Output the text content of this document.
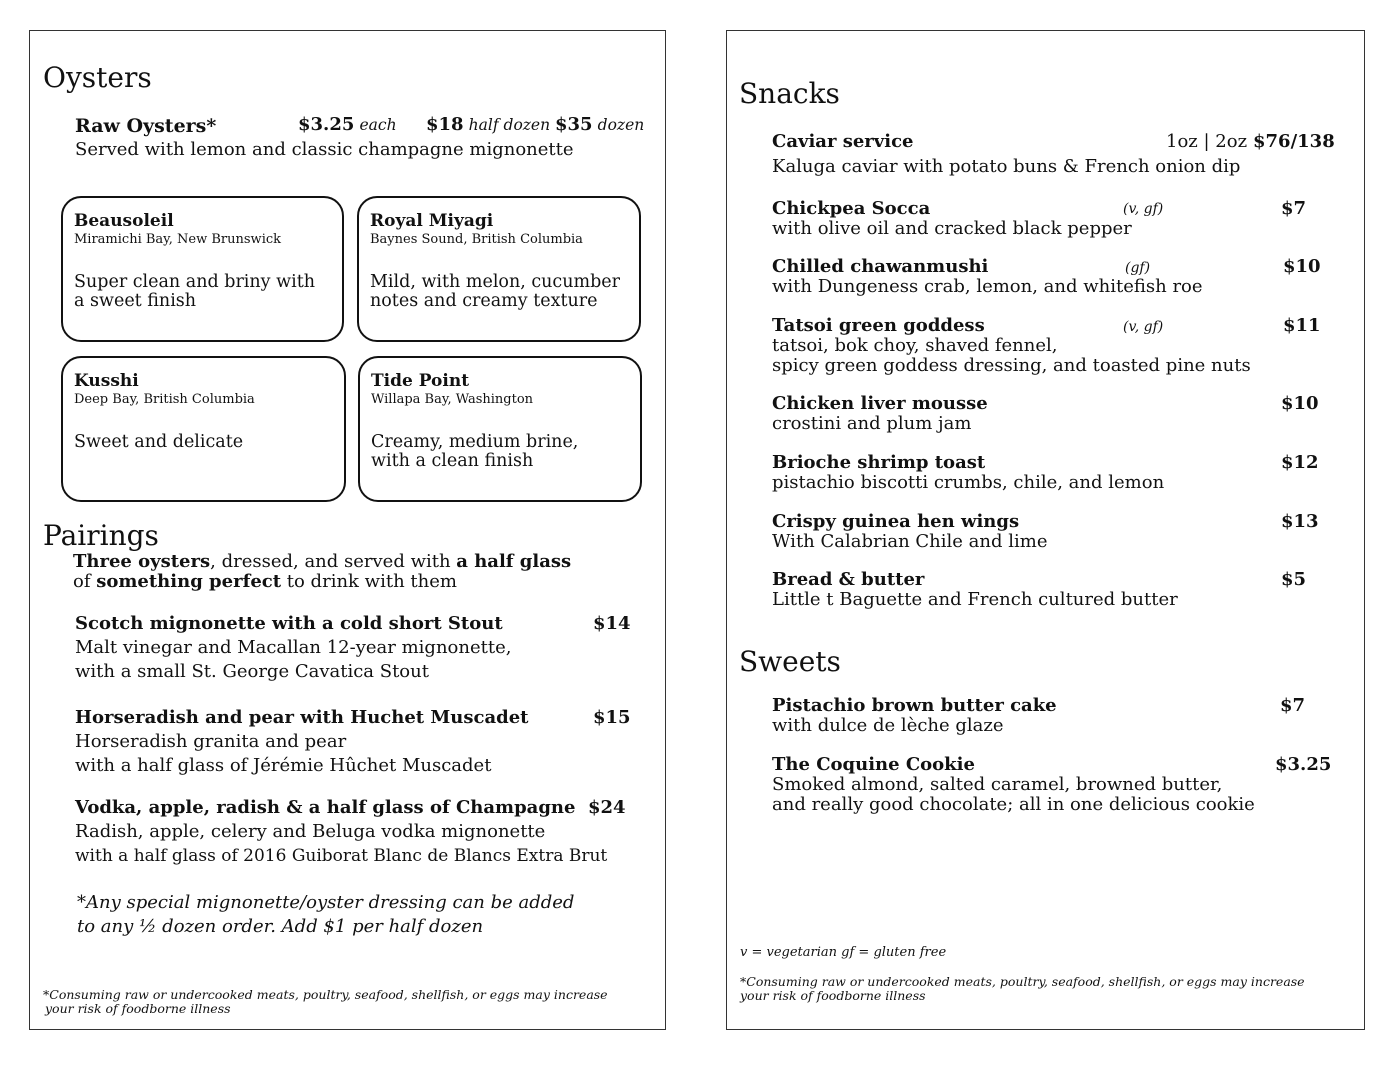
Oysters
Raw Oysters*	$3.25 each $18 half dozen $35 dozen
Served with lemon and classic champagne mignonette
Beausoleil
Miramichi Bay, New Brunswick
Super clean and briny with
a sweet finish
Royal Miyagi
Baynes Sound, British Columbia
Mild, with melon, cucumber
notes and creamy texture
Kusshi
Deep Bay, British Columbia
Sweet and delicate
Tide Point
Willapa Bay, Washington
Creamy, medium brine,
with a clean finish
Pairings
Three oysters, dressed, and served with a half glass
of something perfect to drink with them
Scotch mignonette with a cold short Stout	$14
Malt vinegar and Macallan 12-year mignonette,
with a small St. George Cavatica Stout
Horseradish and pear with Huchet Muscadet	$15
Horseradish granita and pear
with a half glass of Jérémie Hûchet Muscadet
Vodka, apple, radish & a half glass of Champagne $24
Radish, apple, celery and Beluga vodka mignonette
with a half glass of 2016 Guiborat Blanc de Blancs Extra Brut
*Any special mignonette/oyster dressing can be added
to any ½ dozen order. Add $1 per half dozen
*Consuming raw or undercooked meats, poultry, seafood, shellfish, or eggs may increase
your risk of foodborne illness
Snacks
Caviar service	1oz | 2oz $76/138
Kaluga caviar with potato buns & French onion dip
Chickpea Socca	(v, gf)	$7
with olive oil and cracked black pepper
Chilled chawanmushi	(gf)	$10
with Dungeness crab, lemon, and whitefish roe
Tatsoi green goddess	(v, gf)	$11
tatsoi, bok choy, shaved fennel,
spicy green goddess dressing, and toasted pine nuts
Chicken liver mousse	$10
crostini and plum jam
Brioche shrimp toast	$12
pistachio biscotti crumbs, chile, and lemon
Crispy guinea hen wings	$13
With Calabrian Chile and lime
Bread & butter	$5
Little t Baguette and French cultured butter
Sweets
Pistachio brown butter cake	$7
with dulce de lèche glaze
The Coquine Cookie	$3.25
Smoked almond, salted caramel, browned butter,
and really good chocolate; all in one delicious cookie
v = vegetarian gf = gluten free
*Consuming raw or undercooked meats, poultry, seafood, shellfish, or eggs may increase
your risk of foodborne illness
